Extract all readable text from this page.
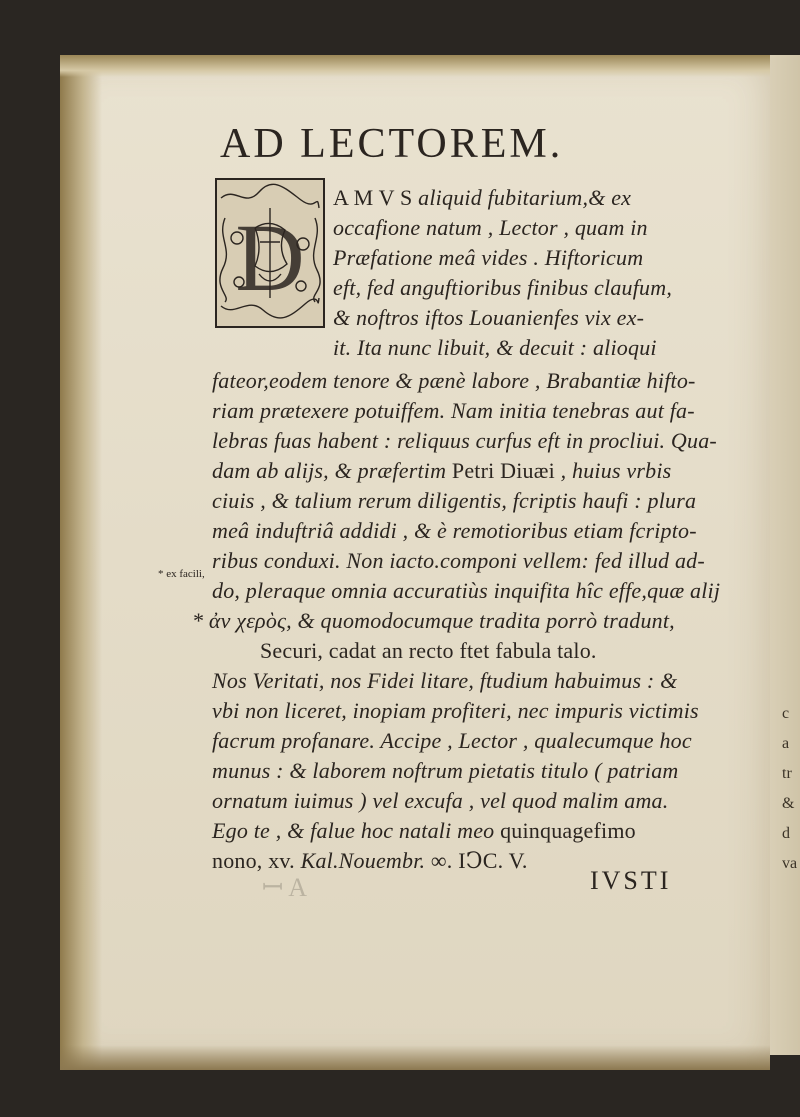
c
a
tr
&
d
va
AD LECTOREM.
D
A M V S aliquid fubitarium,& ex
occafione natum , Lector , quam in
Præfatione meâ vides . Hiftoricum
eft, fed anguftioribus finibus claufum,
& noftros iftos Louanienfes vix ex-
it. Ita nunc libuit, & decuit : alioqui
fateor,eodem tenore & pænè labore , Brabantiæ hifto-
riam prætexere potuiffem. Nam initia tenebras aut fa-
lebras fuas habent : reliquus curfus eft in procliui. Qua-
dam ab aliјs, & præfertim Petri Diuæi , huius vrbis
ciuis , & talium rerum diligentis, fcriptis haufi : plura
meâ induftriâ addidi , & è remotioribus etiam fcripto-
ribus conduxi. Non iacto.componi vellem: fed illud ad-
do, pleraque omnia accuratiùs inquifita hîc effe,quæ alij
* ἀν χερὸς, & quomodocumque tradita porrò tradunt,
Securi, cadat an recto ftet fabula talo.
Nos Veritati, nos Fidei litare, ftudium habuimus : &
vbi non liceret, inopiam profiteri, nec impuris victimis
facrum profanare. Accipe , Lector , qualecumque hoc
munus : & laborem noftrum pietatis titulo ( patriam
ornatum iuimus ) vel excufa , vel quod malim ama.
Ego te , & falue hoc natali meo quinquagefimo
nono, xv. Kal.Nouembr. ∞. IↃC. V.
* ex facili,
ꟷ A	IVSTI
